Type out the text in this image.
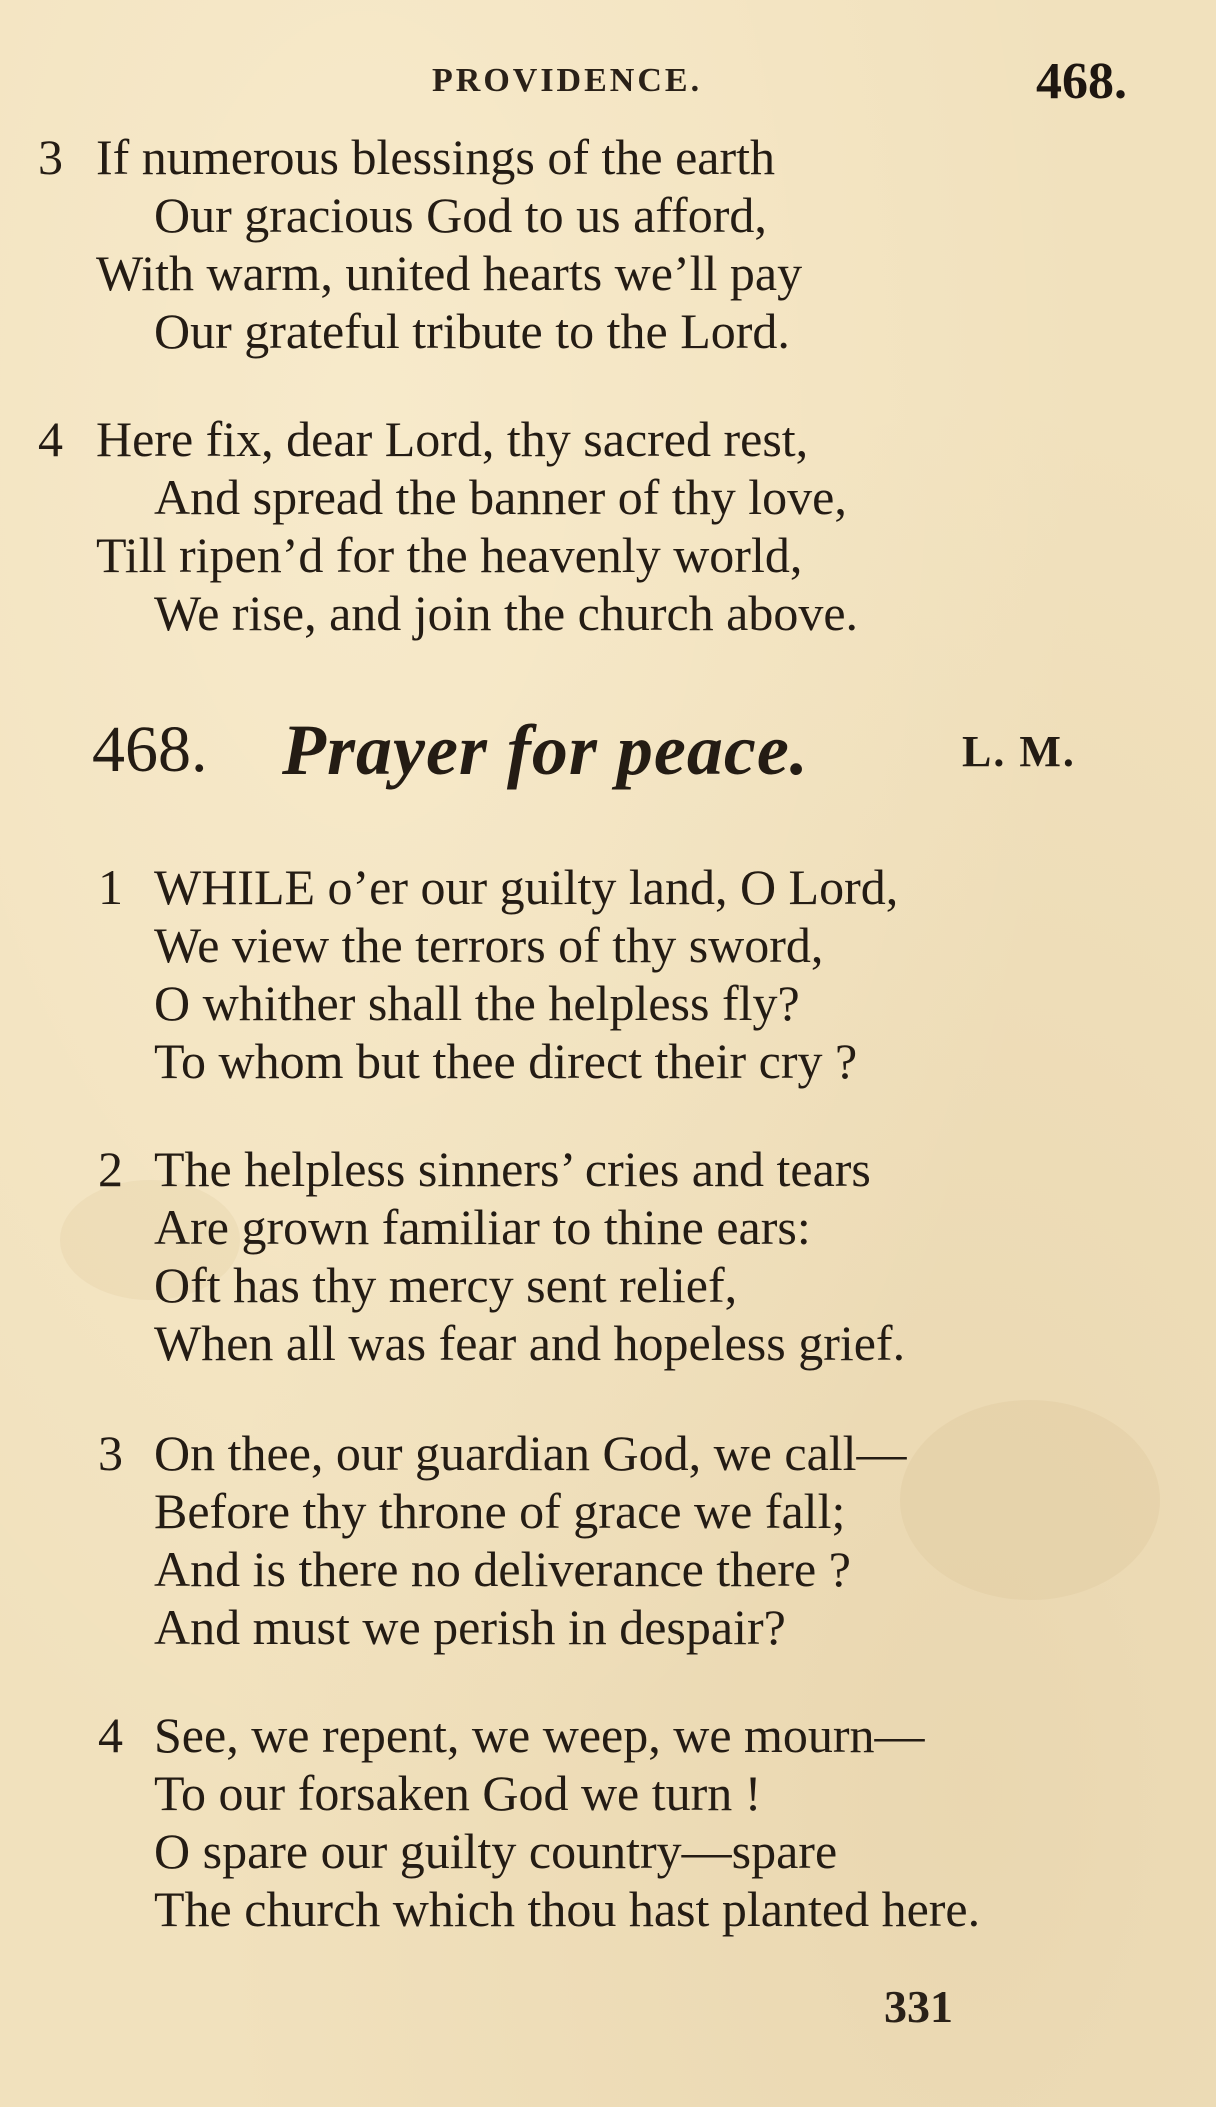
PROVIDENCE.	468.
3 If numerous blessings of the earth
Our gracious God to us afford,
With warm, united hearts we’ll pay
Our grateful tribute to the Lord.
4 Here fix, dear Lord, thy sacred rest,
And spread the banner of thy love,
Till ripen’d for the heavenly world,
We rise, and join the church above.
468. Prayer for peace.	L. M.
1 WHILE o’er our guilty land, O Lord,
We view the terrors of thy sword,
O whither shall the helpless fly?
To whom but thee direct their cry ?
2 The helpless sinners’ cries and tears
Are grown familiar to thine ears:
Oft has thy mercy sent relief,
When all was fear and hopeless grief.
3 On thee, our guardian God, we call—
Before thy throne of grace we fall;
And is there no deliverance there ?
And must we perish in despair?
4 See, we repent, we weep, we mourn—
To our forsaken God we turn !
O spare our guilty country—spare
The church which thou hast planted here.
331
